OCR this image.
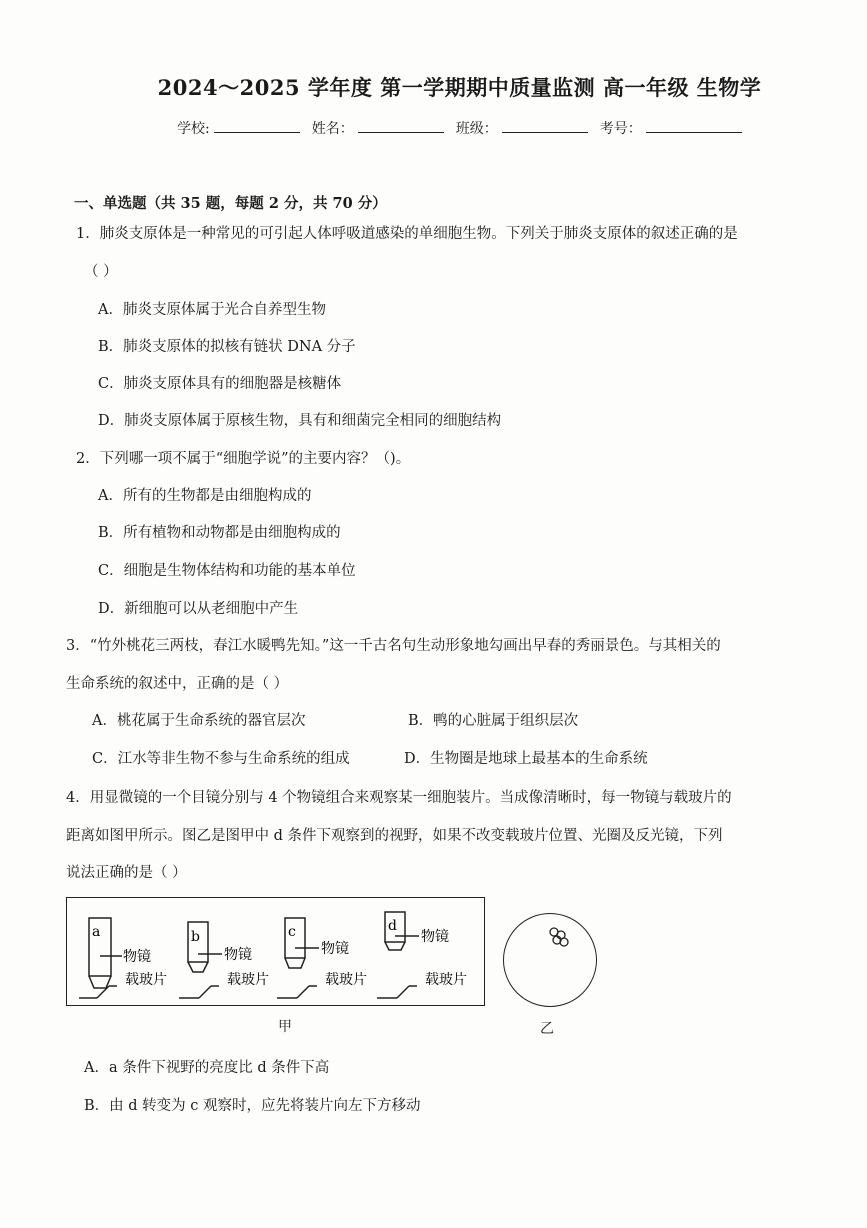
2024～2025 学年度 第一学期期中质量监测 高一年级 生物学
学校:	姓名：	班级：	考号：
一、单选题（共 35 题，每题 2 分，共 70 分）
1．肺炎支原体是一种常见的可引起人体呼吸道感染的单细胞生物。下列关于肺炎支原体的叙述正确的是
（ ）
A．肺炎支原体属于光合自养型生物
B．肺炎支原体的拟核有链状 DNA 分子
C．肺炎支原体具有的细胞器是核糖体
D．肺炎支原体属于原核生物，具有和细菌完全相同的细胞结构
2．下列哪一项不属于“细胞学说”的主要内容？（)。
A．所有的生物都是由细胞构成的
B．所有植物和动物都是由细胞构成的
C．细胞是生物体结构和功能的基本单位
D．新细胞可以从老细胞中产生
3．“竹外桃花三两枝，春江水暖鸭先知。”这一千古名句生动形象地勾画出早春的秀丽景色。与其相关的
生命系统的叙述中，正确的是（ ）
A．桃花属于生命系统的器官层次	B．鸭的心脏属于组织层次
C．江水等非生物不参与生命系统的组成	D．生物圈是地球上最基本的生命系统
4．用显微镜的一个目镜分别与 4 个物镜组合来观察某一细胞装片。当成像清晰时，每一物镜与载玻片的
距离如图甲所示。图乙是图甲中 d 条件下观察到的视野，如果不改变载玻片位置、光圈及反光镜，下列
说法正确的是（ ）
a
物镜
载玻片
b
物镜
载玻片
c
物镜
载玻片
d
物镜
载玻片
甲	乙
A．a 条件下视野的亮度比 d 条件下高
B．由 d 转变为 c 观察时，应先将装片向左下方移动
